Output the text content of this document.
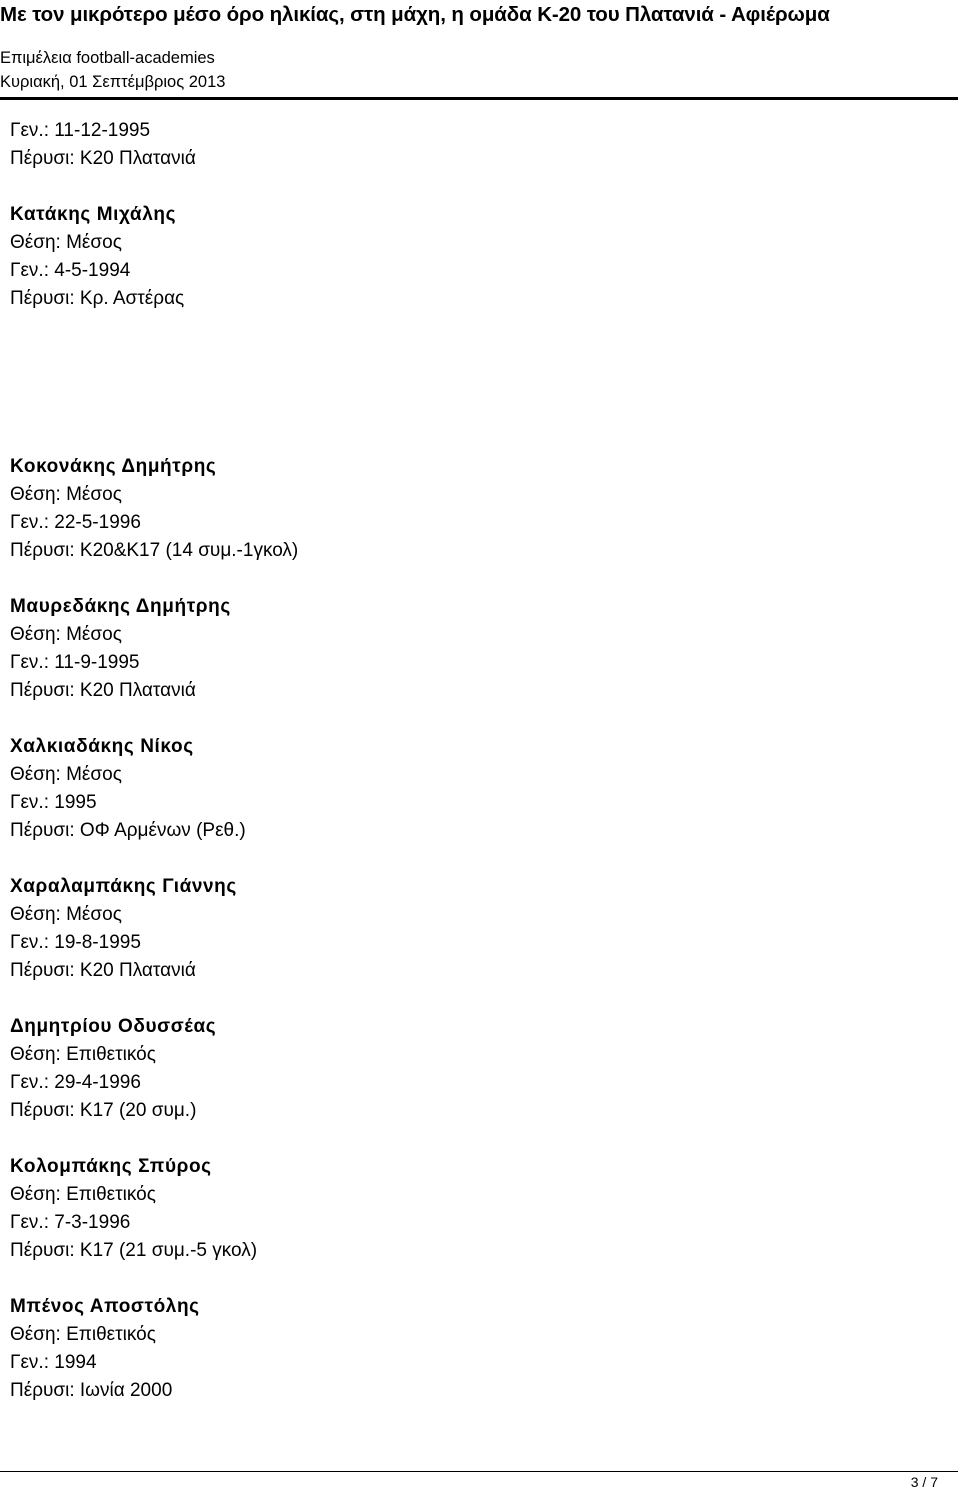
Με τον μικρότερο μέσο όρο ηλικίας, στη μάχη, η ομάδα Κ-20 του Πλατανιά - Αφιέρωμα
Επιμέλεια football-academies
Κυριακή, 01 Σεπτέμβριος 2013
Γεν.: 11-12-1995
Πέρυσι: Κ20 Πλατανιά
Κατάκης Μιχάλης
Θέση: Μέσος
Γεν.: 4-5-1994
Πέρυσι: Κρ. Αστέρας
Κοκονάκης Δημήτρης
Θέση: Μέσος
Γεν.: 22-5-1996
Πέρυσι: Κ20&Κ17 (14 συμ.-1γκολ)
Μαυρεδάκης Δημήτρης
Θέση: Μέσος
Γεν.: 11-9-1995
Πέρυσι: Κ20 Πλατανιά
Χαλκιαδάκης Νίκος
Θέση: Μέσος
Γεν.: 1995
Πέρυσι: ΟΦ Αρμένων (Ρεθ.)
Χαραλαμπάκης Γιάννης
Θέση: Μέσος
Γεν.: 19-8-1995
Πέρυσι: Κ20 Πλατανιά
Δημητρίου Οδυσσέας
Θέση: Επιθετικός
Γεν.: 29-4-1996
Πέρυσι: Κ17 (20 συμ.)
Κολομπάκης Σπύρος
Θέση: Επιθετικός
Γεν.: 7-3-1996
Πέρυσι: Κ17 (21 συμ.-5 γκολ)
Μπένος Αποστόλης
Θέση: Επιθετικός
Γεν.: 1994
Πέρυσι: Ιωνία 2000
3 / 7
